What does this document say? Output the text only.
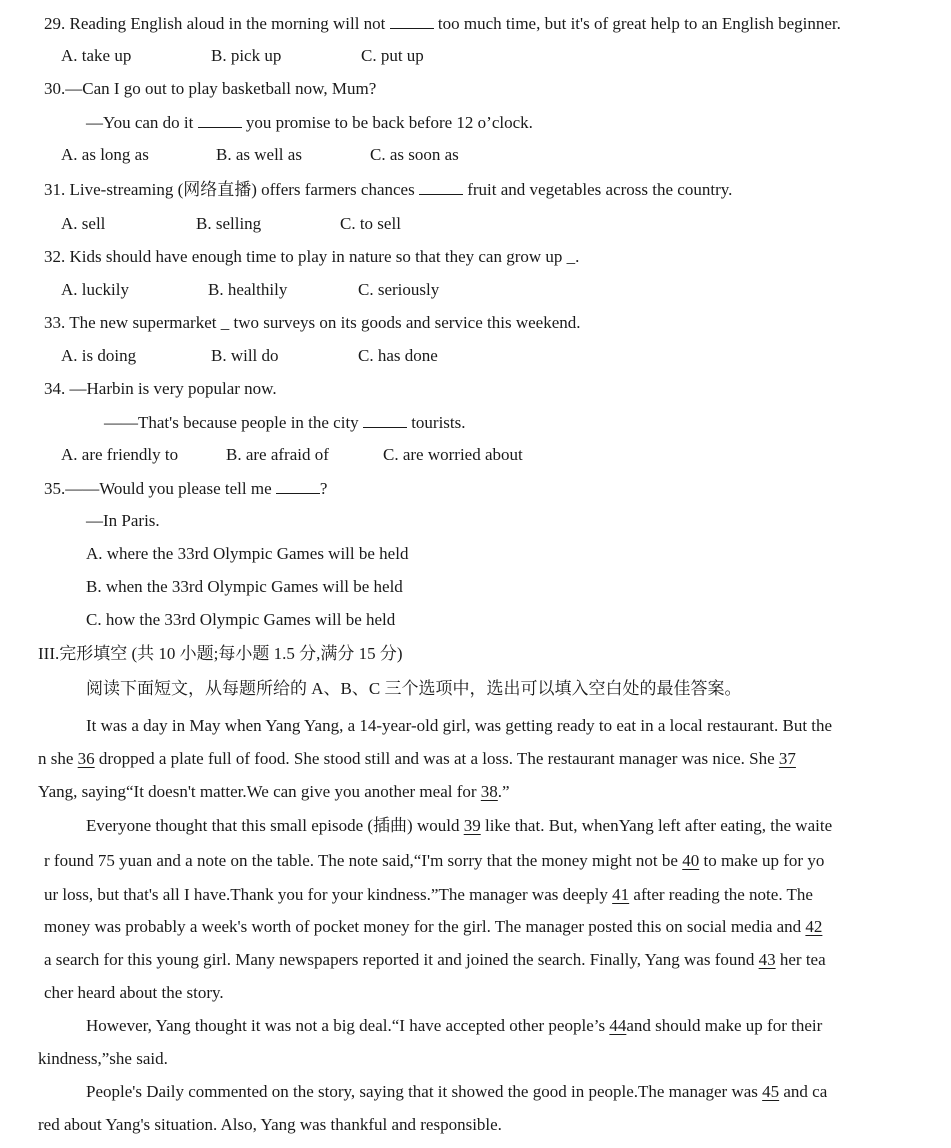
29. Reading English aloud in the morning will not	too much time, but it's of great help to an English beginner.
A. take up	B. pick up	C. put up
30.—Can I go out to play basketball now, Mum?
—You can do it	you promise to be back before 12 o’clock.
A. as long as	B. as well as	C. as soon as
31. Live-streaming (网络直播) offers farmers chances	fruit and vegetables across the country.
A. sell	B. selling	C. to sell
32. Kids should have enough time to play in nature so that they can grow up _.
A. luckily	B. healthily	C. seriously
33. The new supermarket _ two surveys on its goods and service this weekend.
A. is doing	B. will do	C. has done
34. —Harbin is very popular now.
——That's because people in the city	tourists.
A. are friendly to	B. are afraid of	C. are worried about
35.——Would you please tell me	?
—In Paris.
A. where the 33rd Olympic Games will be held
B. when the 33rd Olympic Games will be held
C. how the 33rd Olympic Games will be held
III.完形填空 (共 10 小题;每小题 1.5 分,满分 15 分)
阅读下面短文，从每题所给的 A、B、C 三个选项中，选出可以填入空白处的最佳答案。
It was a day in May when Yang Yang, a 14-year-old girl, was getting ready to eat in a local restaurant. But the
n she 36 dropped a plate full of food. She stood still and was at a loss. The restaurant manager was nice. She 37
Yang, saying“It doesn't matter.We can give you another meal for 38.”
Everyone thought that this small episode (插曲) would 39 like that. But, whenYang left after eating, the waite
r found 75 yuan and a note on the table. The note said,“I'm sorry that the money might not be 40 to make up for yo
ur loss, but that's all I have.Thank you for your kindness.”The manager was deeply 41 after reading the note. The
money was probably a week's worth of pocket money for the girl. The manager posted this on social media and 42
a search for this young girl. Many newspapers reported it and joined the search. Finally, Yang was found 43 her tea
cher heard about the story.
However, Yang thought it was not a big deal.“I have accepted other people’s 44and should make up for their
kindness,”she said.
People's Daily commented on the story, saying that it showed the good in people.The manager was 45 and ca
red about Yang's situation. Also, Yang was thankful and responsible.
